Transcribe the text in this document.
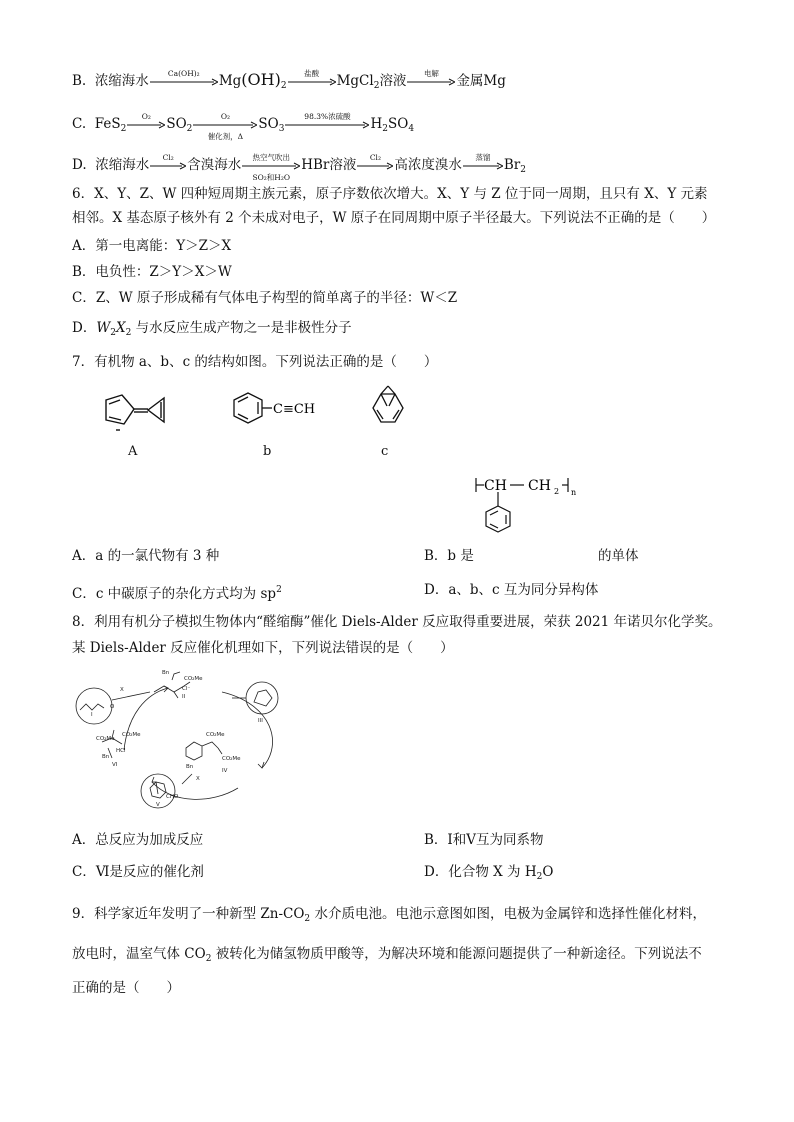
B. 浓缩海水	Ca(OH)₂	$Mg(OH)_2$
盐酸	MgCl$_2$溶液	电解	金属Mg
C. FeS$_2$
O₂	$SO_2$
O₂
催化剂，Δ
$SO_3$
98.3%浓硫酸	$H_2SO_4$
D. 浓缩海水	Cl₂ 含溴海水	热空气吹出
SO₂和H₂O
HBr溶液	Cl₂ 高浓度溴水	蒸馏	$Br_2$
6．X、Y、Z、W 四种短周期主族元素，原子序数依次增大。X、Y 与 Z 位于同一周期，且只有 X、Y 元素
相邻。X 基态原子核外有 2 个未成对电子，W 原子在同周期中原子半径最大。下列说法不正确的是（　　）
A．第一电离能：Y＞Z＞X
B．电负性：Z＞Y＞X＞W
C．Z、W 原子形成稀有气体电子构型的简单离子的半径：W＜Z
D．$W_2X_2$ 与水反应生成产物之一是非极性分子
7．有机物 a、b、c 的结构如图。下列说法正确的是（　　）
A
C≡CH
b	c
CH CH 2 n
A．a 的一氯代物有 3 种	B．b 是	的单体
C．c 中碳原子的杂化方式均为 $sp^2$	D．a、b、c 互为同分异构体
8．利用有机分子模拟生物体内“醛缩酶”催化 Diels-Alder 反应取得重要进展，荣获 2021 年诺贝尔化学奖。
某 Diels-Alder 反应催化机理如下，下列说法错误的是（　　）
X
I
O
Bn
CO₂Me
Cl⁻
II
III
CO₂Me
CO₂Me
Bn
IV
CO₂Me
CO₂Me
Bn
HCl
VI
X
CHO
V
A．总反应为加成反应	B．Ⅰ和Ⅴ互为同系物
C．Ⅵ是反应的催化剂	D．化合物 X 为 $H_2O$
9．科学家近年发明了一种新型 $Zn-CO_2$ 水介质电池。电池示意图如图，电极为金属锌和选择性催化材料，
放电时，温室气体 $CO_2$ 被转化为储氢物质甲酸等，为解决环境和能源问题提供了一种新途径。下列说法不
正确的是（　　）
